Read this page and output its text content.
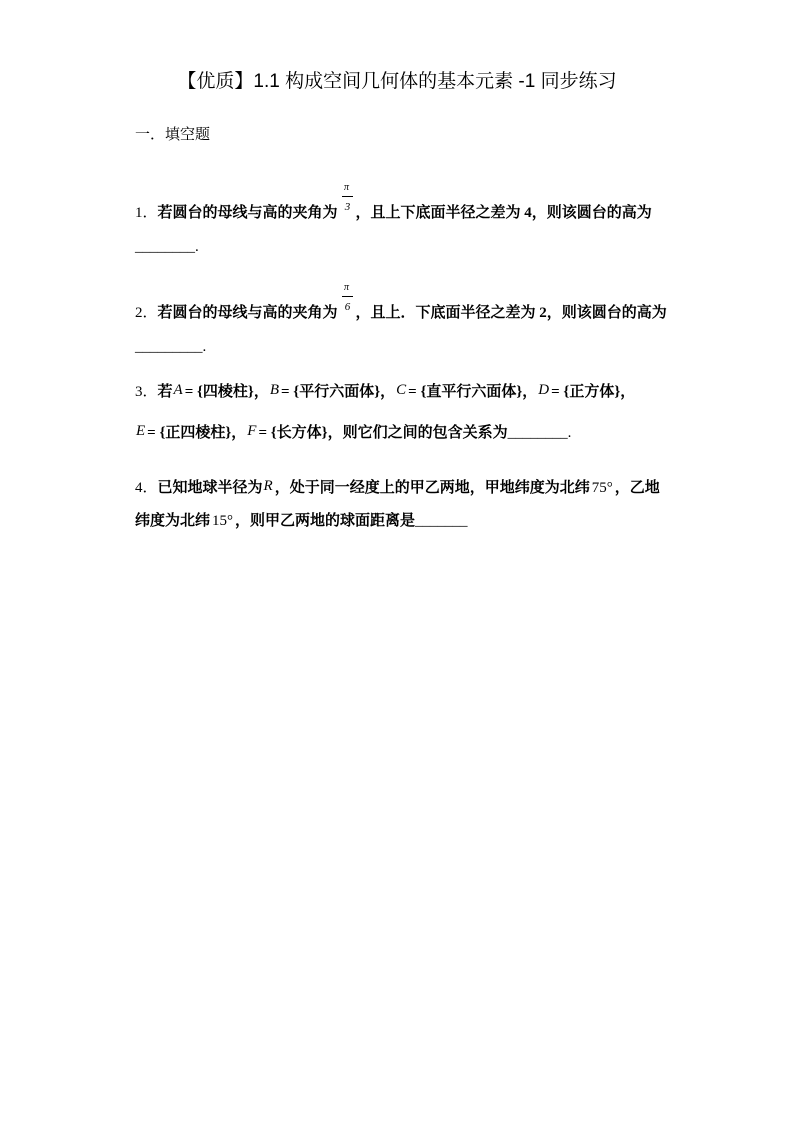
【优质】1.1 构成空间几何体的基本元素 -1 同步练习
一．填空题
1．若圆台的母线与高的夹角为 $\frac{\pi}{3}$ ，且上下底面半径之差为 4，则该圆台的高为
________.
2．若圆台的母线与高的夹角为 $\frac{\pi}{6}$ ，且上．下底面半径之差为 2，则该圆台的高为
_________.
3．若A = {四棱柱}，B = {平行六面体}，C = {直平行六面体}，D = {正方体}，
E = {正四棱柱}，F = {长方体}，则它们之间的包含关系为________.
4．已知地球半径为R ，处于同一经度上的甲乙两地，甲地纬度为北纬 75° ，乙地
纬度为北纬 15° ，则甲乙两地的球面距离是_______
